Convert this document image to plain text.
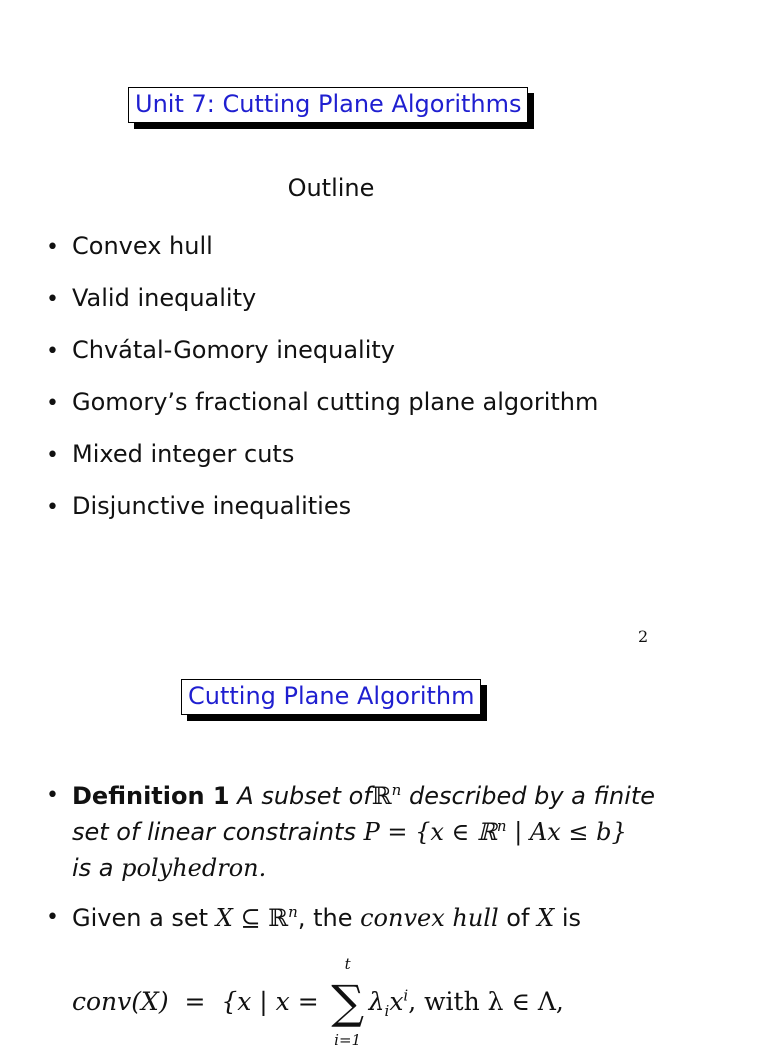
Unit 7: Cutting Plane Algorithms
Outline
• Convex hull
• Valid inequality
• Chvátal-Gomory inequality
• Gomory’s fractional cutting plane algorithm
• Mixed integer cuts
• Disjunctive inequalities
2
Cutting Plane Algorithm
• Definition 1 A subset ofℝ$^n$ described by a finite
set of linear constraints P = {x ∈ ℝ$^n$ | Ax ≤ b}
is a polyhedron.
• Given a set X ⊆ ℝ$^n$, the convex hull of X is
conv(X) = {x | x =
t
∑
i=1
$\lambda_ix^i$, with λ ∈ Λ,
